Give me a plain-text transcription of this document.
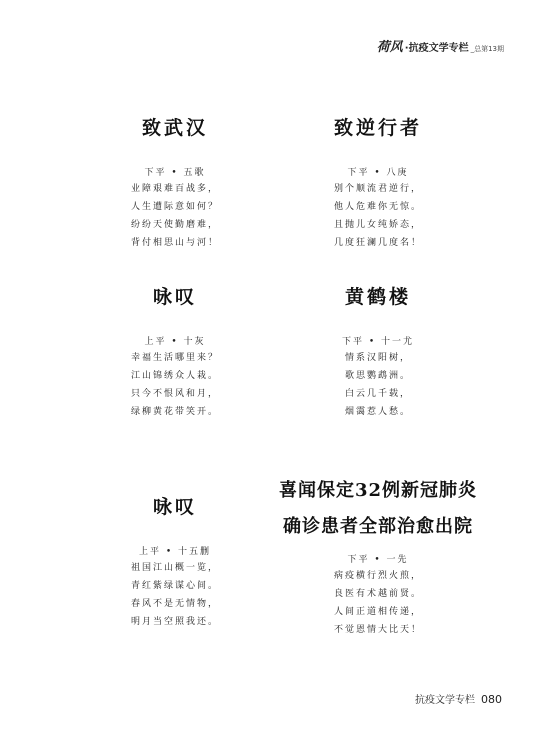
荷风 ·抗疫文学专栏 _总第13期
致武汉
下平 • 五歌
业障艰难百战多，
人生遭际意如何？
纷纷天使勤磨难，
背付相思山与河！
致逆行者
下平 • 八庚
别个顺流君逆行，
他人危难你无惊。
且抛儿女纯娇态，
几度狂澜几度名！
咏叹
上平 • 十灰
幸福生活哪里来？
江山锦绣众人栽。
只今不恨风和月，
绿柳黄花带笑开。
黄鹤楼
下平 • 十一尤
情系汉阳树，
歌思鹦鹉洲。
白云几千载，
烟霭惹人愁。
咏叹
上平 • 十五删
祖国江山概一览，
青红紫绿谋心间。
春风不是无情物，
明月当空照我还。
喜闻保定32例新冠肺炎
确诊患者全部治愈出院
下平 • 一先
病疫横行烈火煎，
良医有术越前贤。
人间正道相传递，
不觉恩情大比天！
抗疫文学专栏 080
